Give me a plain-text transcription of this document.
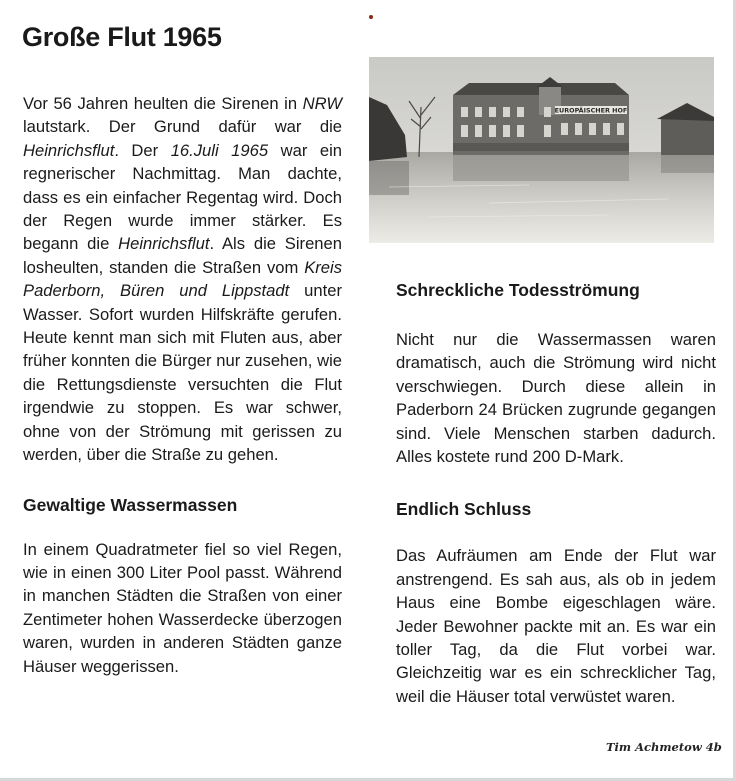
Große Flut 1965

Vor 56 Jahren heulten die Sirenen in NRW lautstark. Der Grund dafür war die Heinrichsflut. Der 16.Juli 1965 war ein regnerischer Nachmittag. Man dachte, dass es ein einfacher Regentag wird. Doch der Regen wurde immer stärker. Es begann die Heinrichsflut. Als die Sirenen losheulten, standen die Straßen vom Kreis Paderborn, Büren und Lippstadt unter Wasser. Sofort wurden Hilfskräfte gerufen. Heute kennt man sich mit Fluten aus, aber früher konnten die Bürger nur zusehen, wie die Rettungsdienste versuchten die Flut irgendwie zu stoppen. Es war schwer, ohne von der Strömung mit gerissen zu werden, über die Straße zu gehen.

Gewaltige Wassermassen

In einem Quadratmeter fiel so viel Regen, wie in einen 300 Liter Pool passt. Während in manchen Städten die Straßen von einer Zentimeter hohen Wasserdecke überzogen waren, wurden in anderen Städten ganze Häuser weggerissen.

EUROPÄISCHER HOF
Schreckliche Todesströmung

Nicht nur die Wassermassen waren dramatisch, auch die Strömung wird nicht verschwiegen. Durch diese allein in Paderborn 24 Brücken zugrunde gegangen sind. Viele Menschen starben dadurch. Alles kostete rund 200 D-Mark.

Endlich Schluss

Das Aufräumen am Ende der Flut war anstrengend. Es sah aus, als ob in jedem Haus eine Bombe eigeschlagen wäre. Jeder Bewohner packte mit an. Es war ein toller Tag, da die Flut vorbei war. Gleichzeitig war es ein schrecklicher Tag, weil die Häuser total verwüstet waren.

Tim Achmetow 4b
